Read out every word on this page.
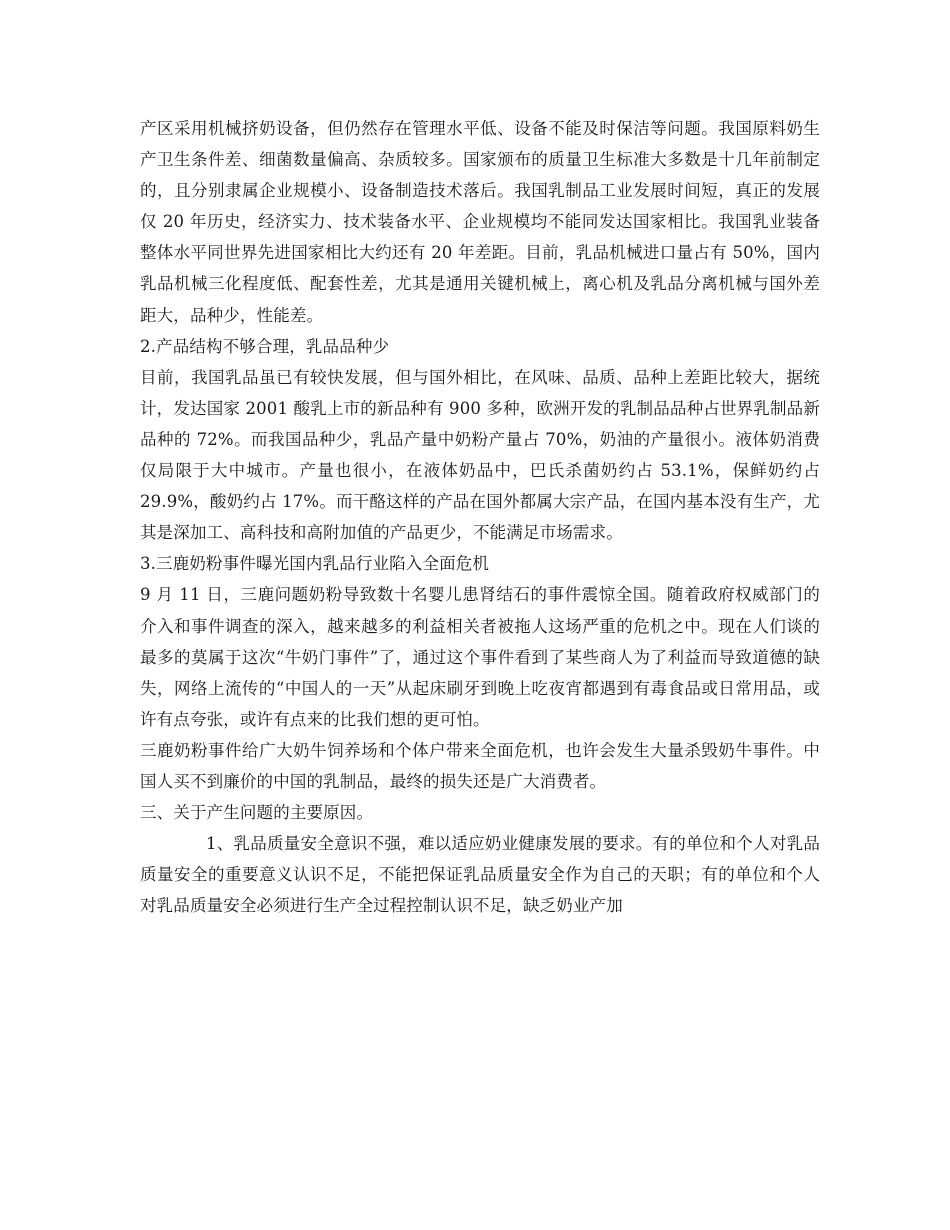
产区采用机械挤奶设备，但仍然存在管理水平低、设备不能及时保洁等问题。我国原料奶生产卫生条件差、细菌数量偏高、杂质较多。国家颁布的质量卫生标准大多数是十几年前制定的，且分别隶属企业规模小、设备制造技术落后。我国乳制品工业发展时间短，真正的发展仅 20 年历史，经济实力、技术装备水平、企业规模均不能同发达国家相比。我国乳业装备整体水平同世界先进国家相比大约还有 20 年差距。目前，乳品机械进口量占有 50%，国内乳品机械三化程度低、配套性差，尤其是通用关键机械上，离心机及乳品分离机械与国外差距大，品种少，性能差。

2.产品结构不够合理，乳品品种少

目前，我国乳品虽已有较快发展，但与国外相比，在风味、品质、品种上差距比较大，据统计，发达国家 2001 酸乳上市的新品种有 900 多种，欧洲开发的乳制品品种占世界乳制品新品种的 72%。而我国品种少，乳品产量中奶粉产量占 70%，奶油的产量很小。液体奶消费仅局限于大中城市。产量也很小，在液体奶品中，巴氏杀菌奶约占 53.1%，保鲜奶约占 29.9%，酸奶约占 17%。而干酪这样的产品在国外都属大宗产品，在国内基本没有生产，尤其是深加工、高科技和高附加值的产品更少，不能满足市场需求。

3.三鹿奶粉事件曝光国内乳品行业陷入全面危机

9 月 11 日，三鹿问题奶粉导致数十名婴儿患肾结石的事件震惊全国。随着政府权威部门的介入和事件调查的深入，越来越多的利益相关者被拖人这场严重的危机之中。现在人们谈的最多的莫属于这次“牛奶门事件”了，通过这个事件看到了某些商人为了利益而导致道德的缺失，网络上流传的“中国人的一天”从起床刷牙到晚上吃夜宵都遇到有毒食品或日常用品，或许有点夸张，或许有点来的比我们想的更可怕。

三鹿奶粉事件给广大奶牛饲养场和个体户带来全面危机，也许会发生大量杀毁奶牛事件。中国人买不到廉价的中国的乳制品，最终的损失还是广大消费者。

三、关于产生问题的主要原因。

1、乳品质量安全意识不强，难以适应奶业健康发展的要求。有的单位和个人对乳品质量安全的重要意义认识不足，不能把保证乳品质量安全作为自己的天职；有的单位和个人对乳品质量安全必须进行生产全过程控制认识不足，缺乏奶业产加
